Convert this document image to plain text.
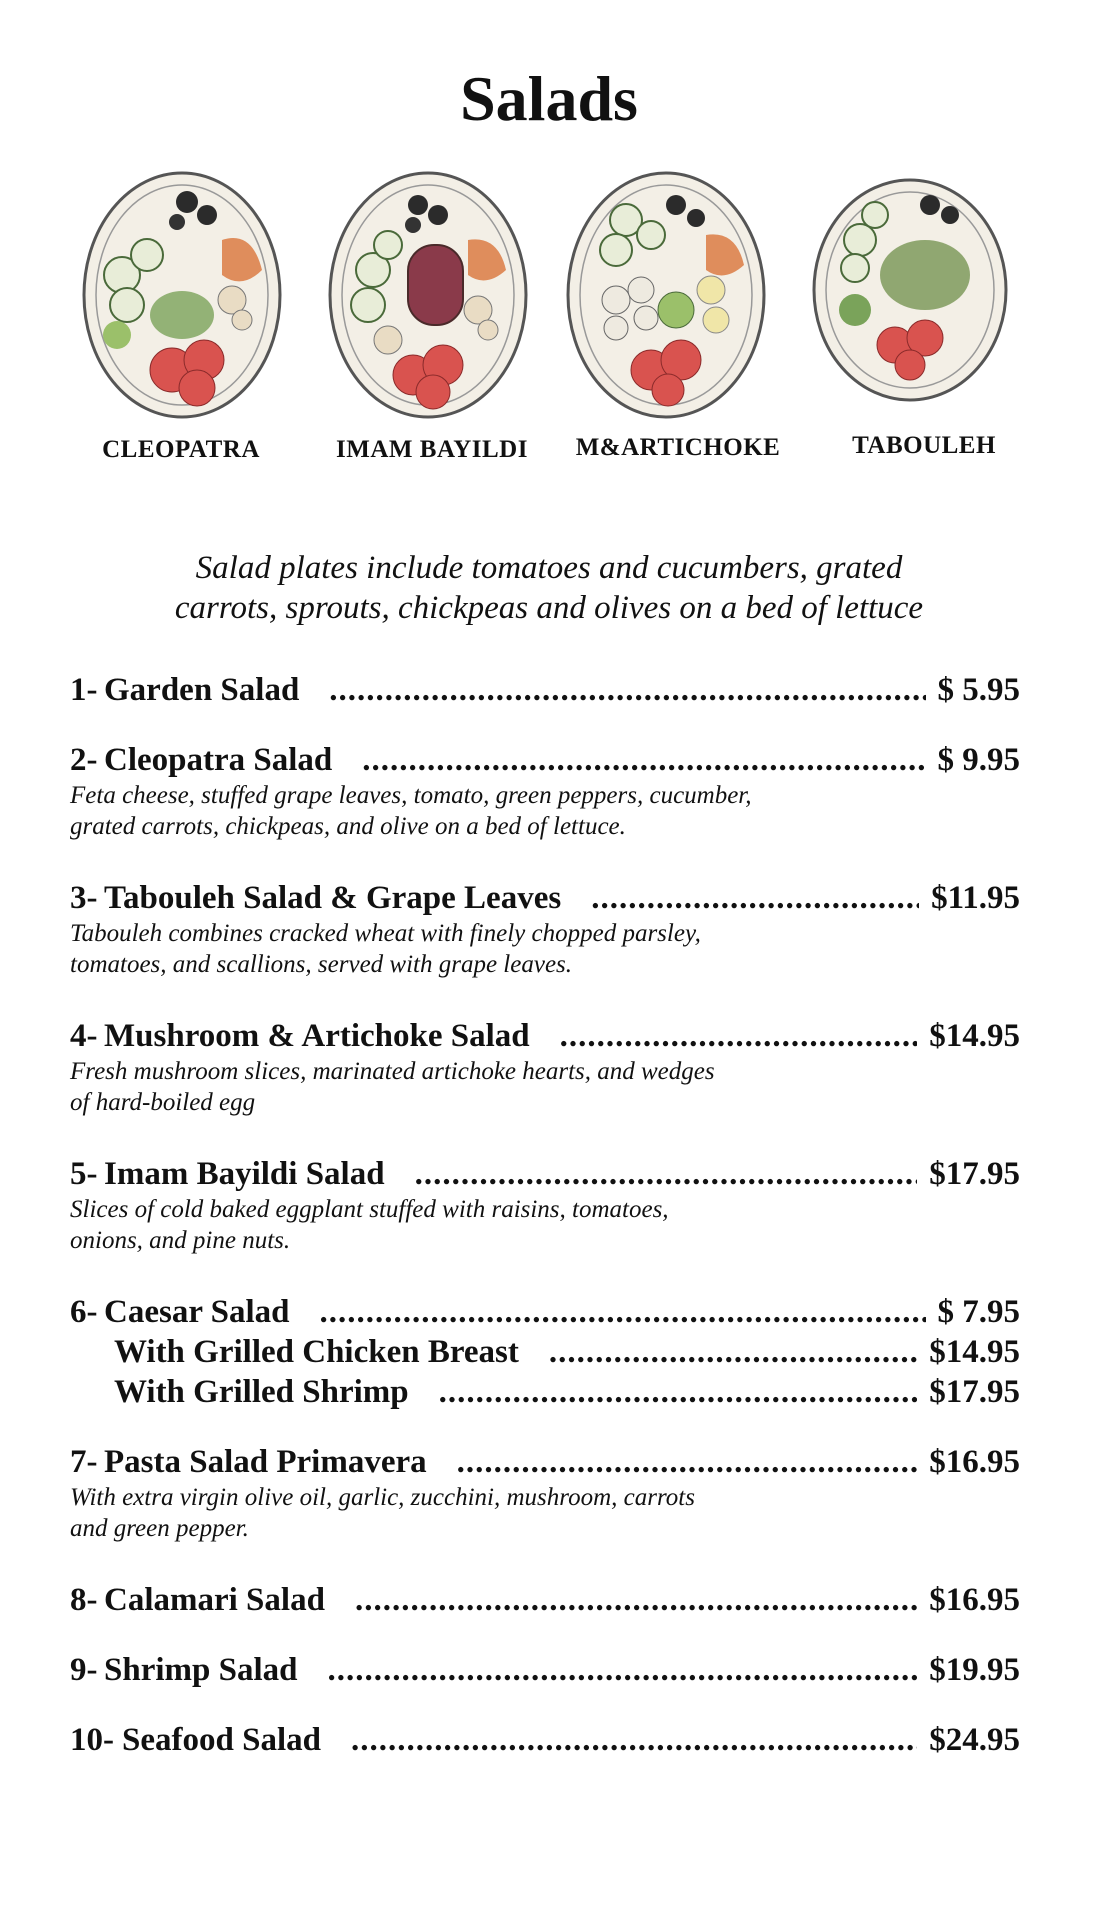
Salads
CLEOPATRA	IMAM BAYILDI M&ARTICHOKE	TABOULEH
Salad plates include tomatoes and cucumbers, grated
carrots, sprouts, chickpeas and olives on a bed of lettuce
1- Garden Salad .....	$ 5.95
2- Cleopatra Salad .....	$ 9.95
Feta cheese, stuffed grape leaves, tomato, green peppers, cucumber,
grated carrots, chickpeas, and olive on a bed of lettuce.
3- Tabouleh Salad & Grape Leaves .....	$11.95
Tabouleh combines cracked wheat with finely chopped parsley,
tomatoes, and scallions, served with grape leaves.
4- Mushroom & Artichoke Salad .....	$14.95
Fresh mushroom slices, marinated artichoke hearts, and wedges
of hard-boiled egg
5- Imam Bayildi Salad .....	$17.95
Slices of cold baked eggplant stuffed with raisins, tomatoes,
onions, and pine nuts.
6- Caesar Salad .....	$ 7.95
With Grilled Chicken Breast .....	$14.95
With Grilled Shrimp .....	$17.95
7- Pasta Salad Primavera .....	$16.95
With extra virgin olive oil, garlic, zucchini, mushroom, carrots
and green pepper.
8- Calamari Salad .....	$16.95
9- Shrimp Salad .....	$19.95
10- Seafood Salad .....	$24.95
